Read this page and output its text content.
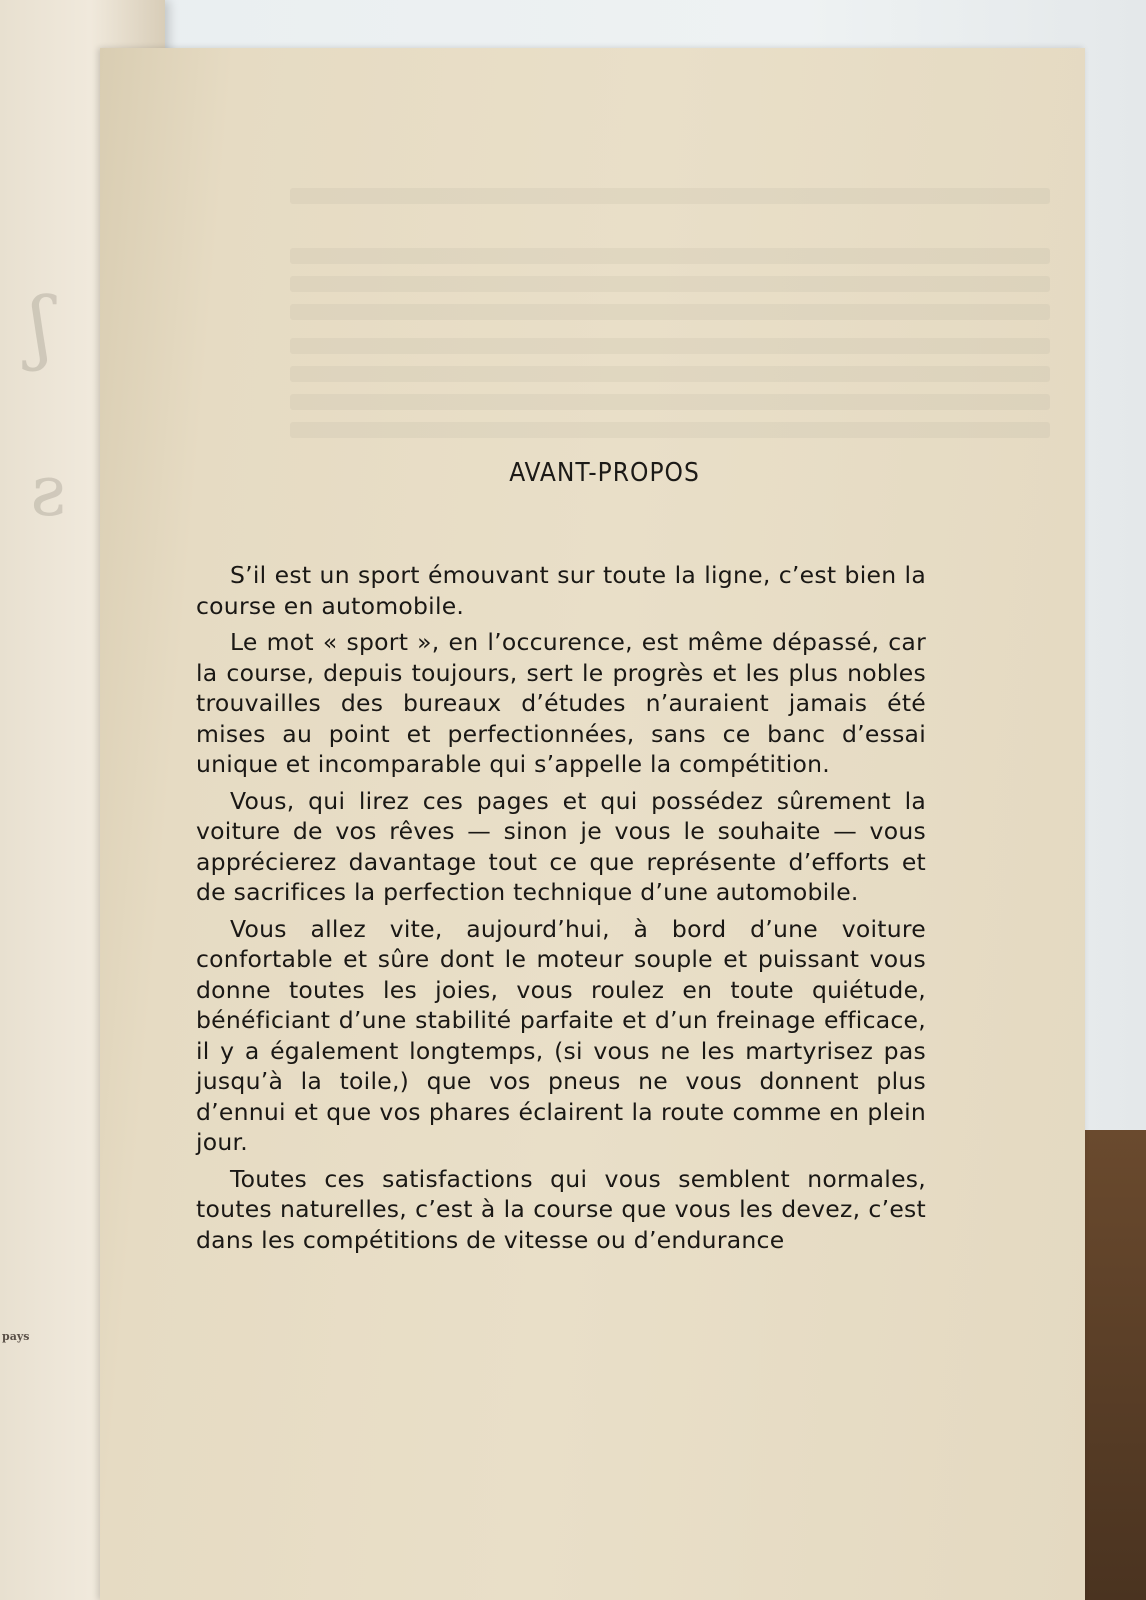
ʃ
ƨ
pays
AVANT-PROPOS

S’il est un sport émouvant sur toute la ligne, c’est bien la course en automobile.

Le mot « sport », en l’occurence, est même dépassé, car la course, depuis toujours, sert le progrès et les plus nobles trouvailles des bureaux d’études n’auraient jamais été mises au point et perfectionnées, sans ce banc d’essai unique et incomparable qui s’appelle la compétition.

Vous, qui lirez ces pages et qui possédez sûrement la voiture de vos rêves — sinon je vous le souhaite — vous apprécierez davantage tout ce que représente d’efforts et de sacrifices la perfection technique d’une automobile.

Vous allez vite, aujourd’hui, à bord d’une voiture confortable et sûre dont le moteur souple et puissant vous donne toutes les joies, vous roulez en toute quiétude, bénéficiant d’une stabilité parfaite et d’un freinage efficace, il y a également longtemps, (si vous ne les martyrisez pas jusqu’à la toile,) que vos pneus ne vous donnent plus d’ennui et que vos phares éclairent la route comme en plein jour.

Toutes ces satisfactions qui vous semblent normales, toutes naturelles, c’est à la course que vous les devez, c’est dans les compétitions de vitesse ou d’endurance
